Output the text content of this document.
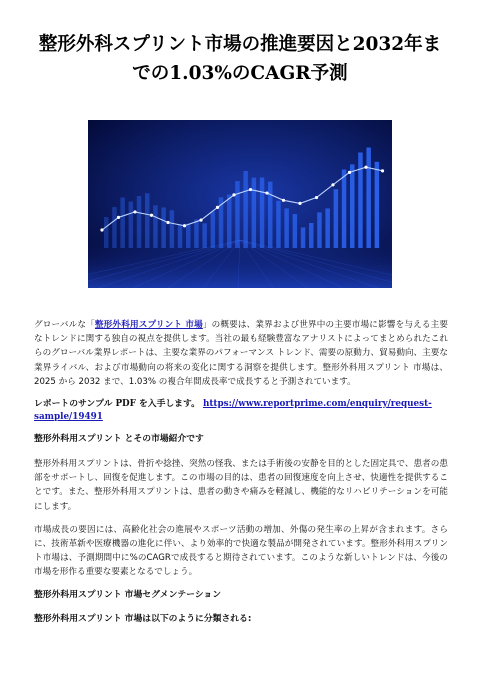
整形外科スプリント市場の推進要因と2032年までの1.03%のCAGR予測

グローバルな「整形外科用スプリント 市場」の概要は、業界および世界中の主要市場に影響を与える主要なトレンドに関する独自の視点を提供します。当社の最も経験豊富なアナリストによってまとめられたこれらのグローバル業界レポートは、主要な業界のパフォーマンス トレンド、需要の原動力、貿易動向、主要な業界ライバル、および市場動向の将来の変化に関する洞察を提供します。整形外科用スプリント 市場は、2025 から 2032 まで、1.03% の複合年間成長率で成長すると予測されています。

レポートのサンプル PDF を入手します。 https://www.reportprime.com/enquiry/request-sample/19491

整形外科用スプリント とその市場紹介です

整形外科用スプリントは、骨折や捻挫、突然の怪我、または手術後の安静を目的とした固定具で、患者の患部をサポートし、回復を促進します。この市場の目的は、患者の回復速度を向上させ、快適性を提供することです。また、整形外科用スプリントは、患者の動きや痛みを軽減し、機能的なリハビリテーションを可能にします。

市場成長の要因には、高齢化社会の進展やスポーツ活動の増加、外傷の発生率の上昇が含まれます。さらに、技術革新や医療機器の進化に伴い、より効率的で快適な製品が開発されています。整形外科用スプリント市場は、予測期間中に%のCAGRで成長すると期待されています。このような新しいトレンドは、今後の市場を形作る重要な要素となるでしょう。

整形外科用スプリント 市場セグメンテーション

整形外科用スプリント 市場は以下のように分類される:
